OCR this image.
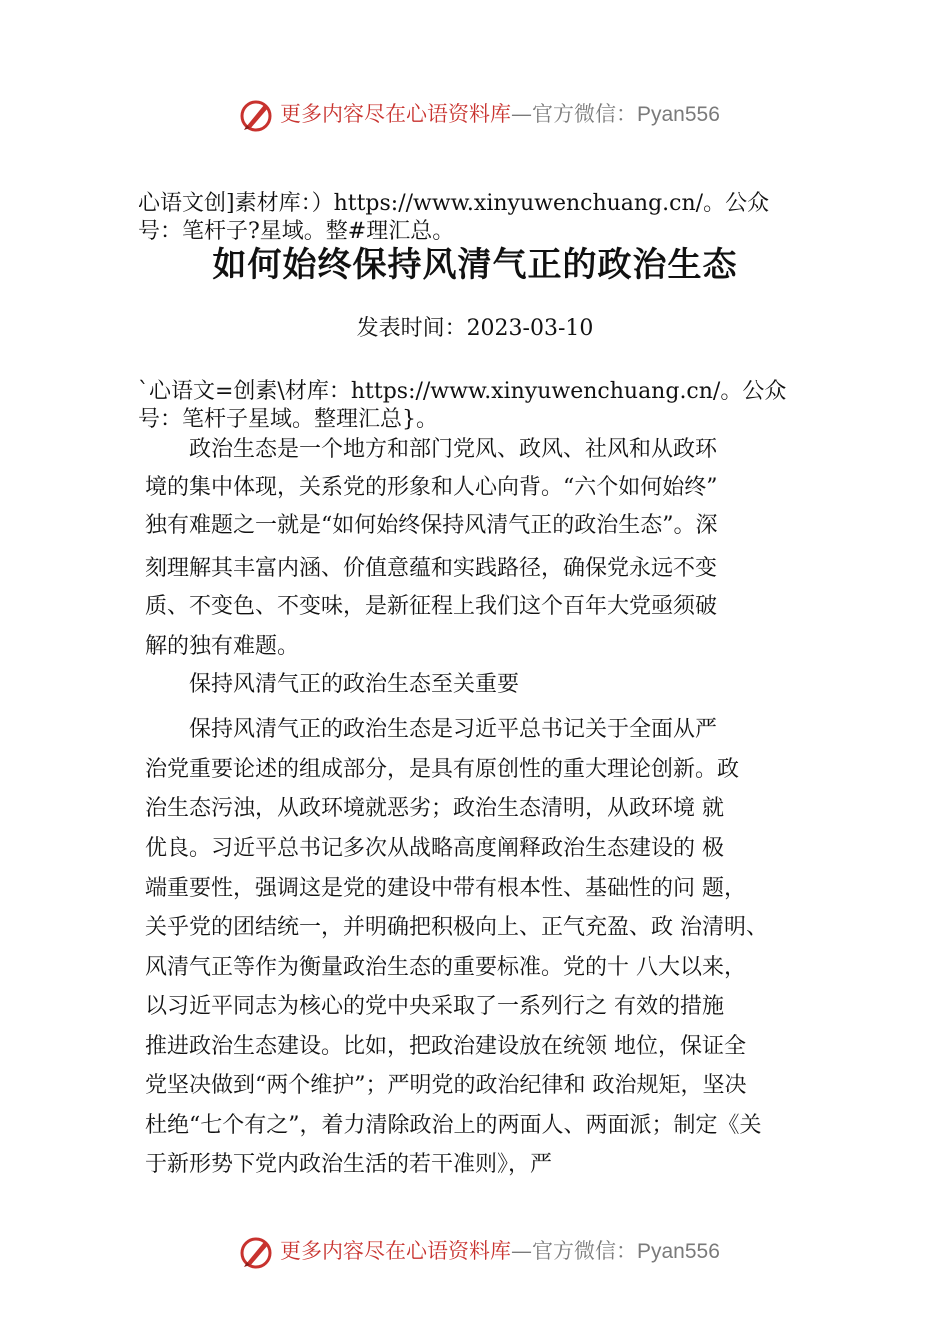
更多内容尽在心语资料库—官方微信：Pyan556
心语文创]素材库：）https://www.xinyuwenchuang.cn/。公众
号：笔杆子?星域。整#理汇总。
如何始终保持风清气正的政治生态
发表时间：2023-03-10
`心语文=创素\材库：https://www.xinyuwenchuang.cn/。公众
号：笔杆子星域。整理汇总}。
　　政治生态是一个地方和部门党风、政风、社风和从政环
境的集中体现，关系党的形象和人心向背。“六个如何始终”
独有难题之一就是“如何始终保持风清气正的政治生态”。深
刻理解其丰富内涵、价值意蕴和实践路径，确保党永远不变
质、不变色、不变味，是新征程上我们这个百年大党亟须破
解的独有难题。
　　保持风清气正的政治生态至关重要
　　保持风清气正的政治生态是习近平总书记关于全面从严
治党重要论述的组成部分，是具有原创性的重大理论创新。政
治生态污浊，从政环境就恶劣；政治生态清明，从政环境 就
优良。习近平总书记多次从战略高度阐释政治生态建设的 极
端重要性，强调这是党的建设中带有根本性、基础性的问 题，
关乎党的团结统一，并明确把积极向上、正气充盈、政 治清明、
风清气正等作为衡量政治生态的重要标准。党的十 八大以来，
以习近平同志为核心的党中央采取了一系列行之 有效的措施
推进政治生态建设。比如，把政治建设放在统领 地位，保证全
党坚决做到“两个维护”；严明党的政治纪律和 政治规矩，坚决
杜绝“七个有之”，着力清除政治上的两面人、两面派；制定《关
于新形势下党内政治生活的若干准则》，严
更多内容尽在心语资料库—官方微信：Pyan556
